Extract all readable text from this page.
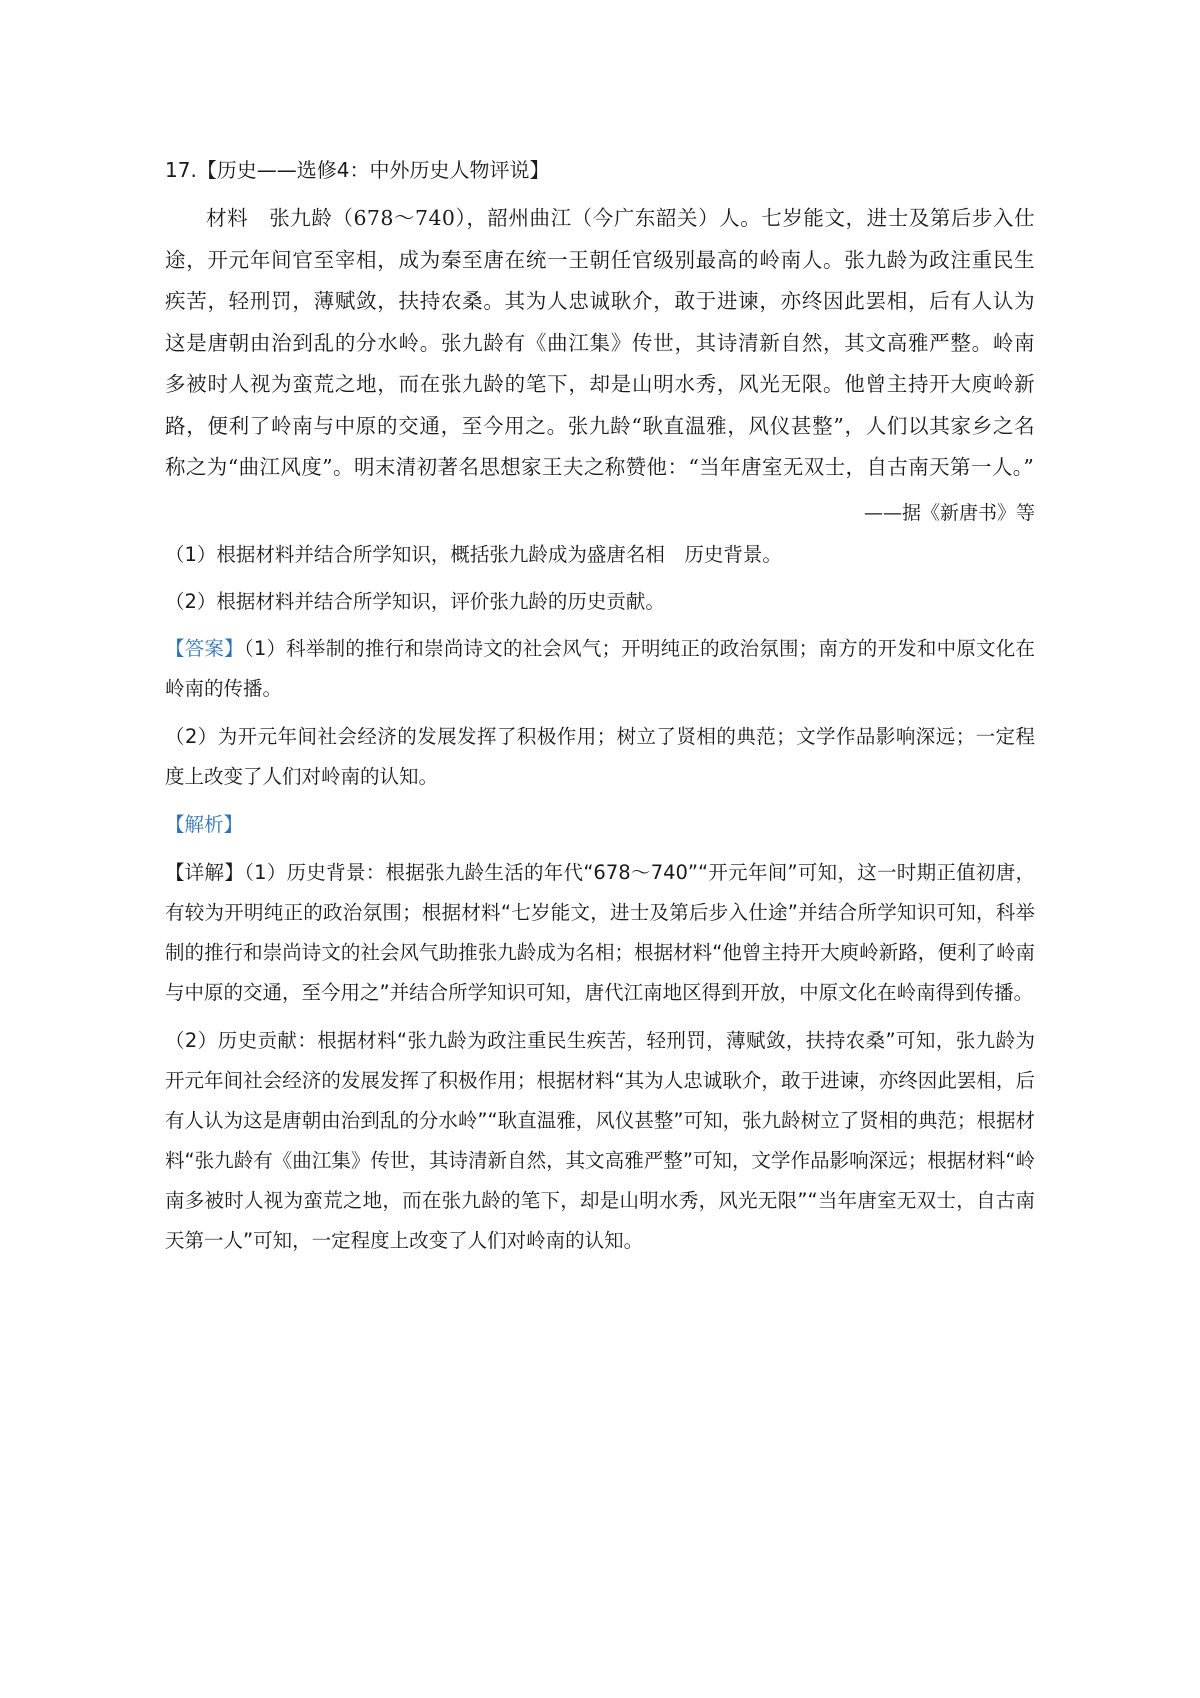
17.【历史——选修4：中外历史人物评说】

材料　张九龄（678～740），韶州曲江（今广东韶关）人。七岁能文，进士及第后步入仕途，开元年间官至宰相，成为秦至唐在统一王朝任官级别最高的岭南人。张九龄为政注重民生疾苦，轻刑罚，薄赋敛，扶持农桑。其为人忠诚耿介，敢于进谏，亦终因此罢相，后有人认为这是唐朝由治到乱的分水岭。张九龄有《曲江集》传世，其诗清新自然，其文高雅严整。岭南多被时人视为蛮荒之地，而在张九龄的笔下，却是山明水秀，风光无限。他曾主持开大庾岭新路，便利了岭南与中原的交通，至今用之。张九龄“耿直温雅，风仪甚整”，人们以其家乡之名称之为“曲江风度”。明末清初著名思想家王夫之称赞他：“当年唐室无双士，自古南天第一人。”

——据《新唐书》等

（1）根据材料并结合所学知识，概括张九龄成为盛唐名相　历史背景。

（2）根据材料并结合所学知识，评价张九龄的历史贡献。

【答案】（1）科举制的推行和崇尚诗文的社会风气；开明纯正的政治氛围；南方的开发和中原文化在岭南的传播。

（2）为开元年间社会经济的发展发挥了积极作用；树立了贤相的典范；文学作品影响深远；一定程度上改变了人们对岭南的认知。

【解析】

【详解】（1）历史背景：根据张九龄生活的年代“678～740”“开元年间”可知，这一时期正值初唐，有较为开明纯正的政治氛围；根据材料“七岁能文，进士及第后步入仕途”并结合所学知识可知，科举制的推行和崇尚诗文的社会风气助推张九龄成为名相；根据材料“他曾主持开大庾岭新路，便利了岭南与中原的交通，至今用之”并结合所学知识可知，唐代江南地区得到开放，中原文化在岭南得到传播。

（2）历史贡献：根据材料“张九龄为政注重民生疾苦，轻刑罚，薄赋敛，扶持农桑”可知，张九龄为开元年间社会经济的发展发挥了积极作用；根据材料“其为人忠诚耿介，敢于进谏，亦终因此罢相，后有人认为这是唐朝由治到乱的分水岭”“耿直温雅，风仪甚整”可知，张九龄树立了贤相的典范；根据材料“张九龄有《曲江集》传世，其诗清新自然，其文高雅严整”可知，文学作品影响深远；根据材料“岭南多被时人视为蛮荒之地，而在张九龄的笔下，却是山明水秀，风光无限”“当年唐室无双士，自古南天第一人”可知，一定程度上改变了人们对岭南的认知。
